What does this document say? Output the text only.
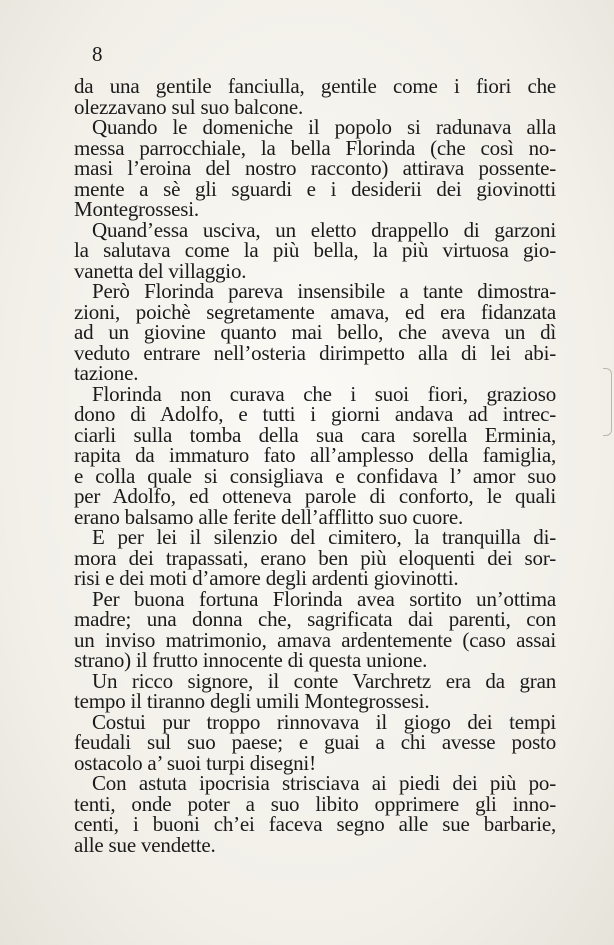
8
da una gentile fanciulla, gentile come i fiori che
olezzavano sul suo balcone.
Quando le domeniche il popolo si radunava alla
messa parrocchiale, la bella Florinda (che così no-
masi l’eroina del nostro racconto) attirava possente-
mente a sè gli sguardi e i desiderii dei giovinotti
Montegrossesi.
Quand’essa usciva, un eletto drappello di garzoni
la salutava come la più bella, la più virtuosa gio-
vanetta del villaggio.
Però Florinda pareva insensibile a tante dimostra-
zioni, poichè segretamente amava, ed era fidanzata
ad un giovine quanto mai bello, che aveva un dì
veduto entrare nell’osteria dirimpetto alla di lei abi-
tazione.
Florinda non curava che i suoi fiori, grazioso
dono di Adolfo, e tutti i giorni andava ad intrec-
ciarli sulla tomba della sua cara sorella Erminia,
rapita da immaturo fato all’amplesso della famiglia,
e colla quale si consigliava e confidava l’ amor suo
per Adolfo, ed otteneva parole di conforto, le quali
erano balsamo alle ferite dell’afflitto suo cuore.
E per lei il silenzio del cimitero, la tranquilla di-
mora dei trapassati, erano ben più eloquenti dei sor-
risi e dei moti d’amore degli ardenti giovinotti.
Per buona fortuna Florinda avea sortito un’ottima
madre; una donna che, sagrificata dai parenti, con
un inviso matrimonio, amava ardentemente (caso assai
strano) il frutto innocente di questa unione.
Un ricco signore, il conte Varchretz era da gran
tempo il tiranno degli umili Montegrossesi.
Costui pur troppo rinnovava il giogo dei tempi
feudali sul suo paese; e guai a chi avesse posto
ostacolo a’ suoi turpi disegni!
Con astuta ipocrisia strisciava ai piedi dei più po-
tenti, onde poter a suo libito opprimere gli inno-
centi, i buoni ch’ei faceva segno alle sue barbarie,
alle sue vendette.
